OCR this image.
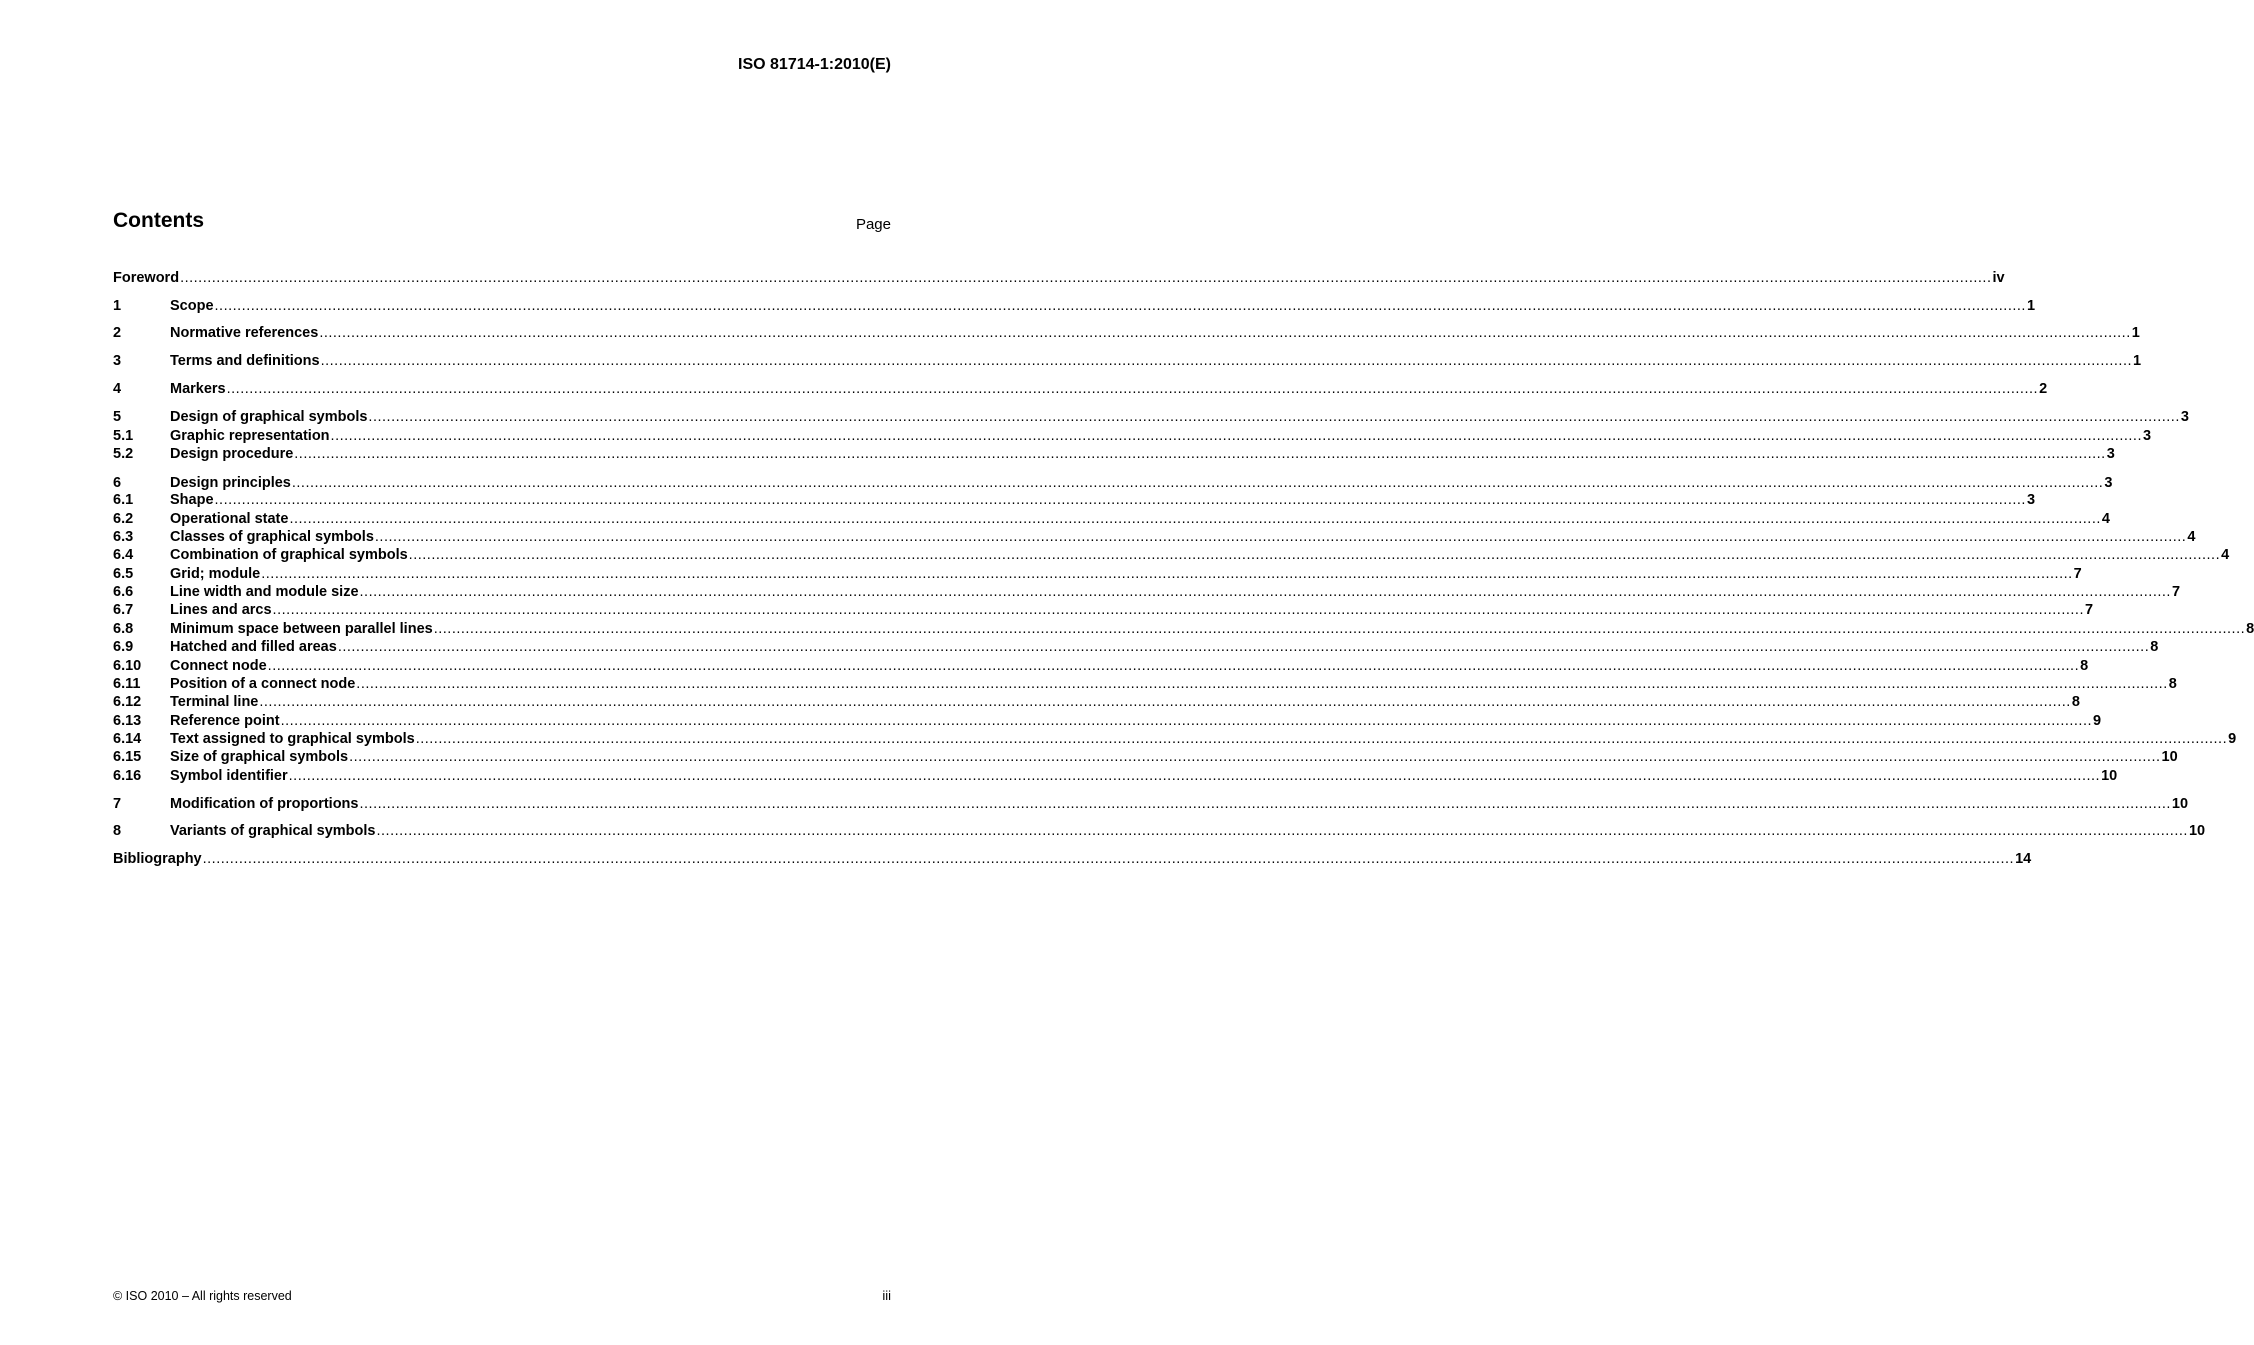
ISO 81714-1:2010(E)
Contents	Page
Foreword ................................................................................................................................................................................................................................................................................................................................................................................................................ iv
1	Scope ................................................................................................................................................................................................................................................................................................................................................................................................................ 1
2	Normative references ................................................................................................................................................................................................................................................................................................................................................................................................................ 1
3	Terms and definitions ................................................................................................................................................................................................................................................................................................................................................................................................................ 1
4	Markers ................................................................................................................................................................................................................................................................................................................................................................................................................ 2
5	Design of graphical symbols ................................................................................................................................................................................................................................................................................................................................................................................................................ 3
5.1	Graphic representation ................................................................................................................................................................................................................................................................................................................................................................................................................ 3
5.2	Design procedure ................................................................................................................................................................................................................................................................................................................................................................................................................ 3
6	Design principles ................................................................................................................................................................................................................................................................................................................................................................................................................ 3
6.1	Shape ................................................................................................................................................................................................................................................................................................................................................................................................................ 3
6.2	Operational state ................................................................................................................................................................................................................................................................................................................................................................................................................ 4
6.3	Classes of graphical symbols ................................................................................................................................................................................................................................................................................................................................................................................................................ 4
6.4	Combination of graphical symbols ................................................................................................................................................................................................................................................................................................................................................................................................................ 4
6.5	Grid; module ................................................................................................................................................................................................................................................................................................................................................................................................................ 7
6.6	Line width and module size ................................................................................................................................................................................................................................................................................................................................................................................................................ 7
6.7	Lines and arcs ................................................................................................................................................................................................................................................................................................................................................................................................................ 7
6.8	Minimum space between parallel lines ................................................................................................................................................................................................................................................................................................................................................................................................................ 8
6.9	Hatched and filled areas ................................................................................................................................................................................................................................................................................................................................................................................................................ 8
6.10	Connect node ................................................................................................................................................................................................................................................................................................................................................................................................................ 8
6.11	Position of a connect node ................................................................................................................................................................................................................................................................................................................................................................................................................ 8
6.12	Terminal line ................................................................................................................................................................................................................................................................................................................................................................................................................ 8
6.13	Reference point ................................................................................................................................................................................................................................................................................................................................................................................................................ 9
6.14	Text assigned to graphical symbols ................................................................................................................................................................................................................................................................................................................................................................................................................ 9
6.15	Size of graphical symbols ................................................................................................................................................................................................................................................................................................................................................................................................................ 10
6.16	Symbol identifier ................................................................................................................................................................................................................................................................................................................................................................................................................ 10
7	Modification of proportions ................................................................................................................................................................................................................................................................................................................................................................................................................ 10
8	Variants of graphical symbols ................................................................................................................................................................................................................................................................................................................................................................................................................ 10
Bibliography ................................................................................................................................................................................................................................................................................................................................................................................................................ 14
© ISO 2010 – All rights reserved	iii
